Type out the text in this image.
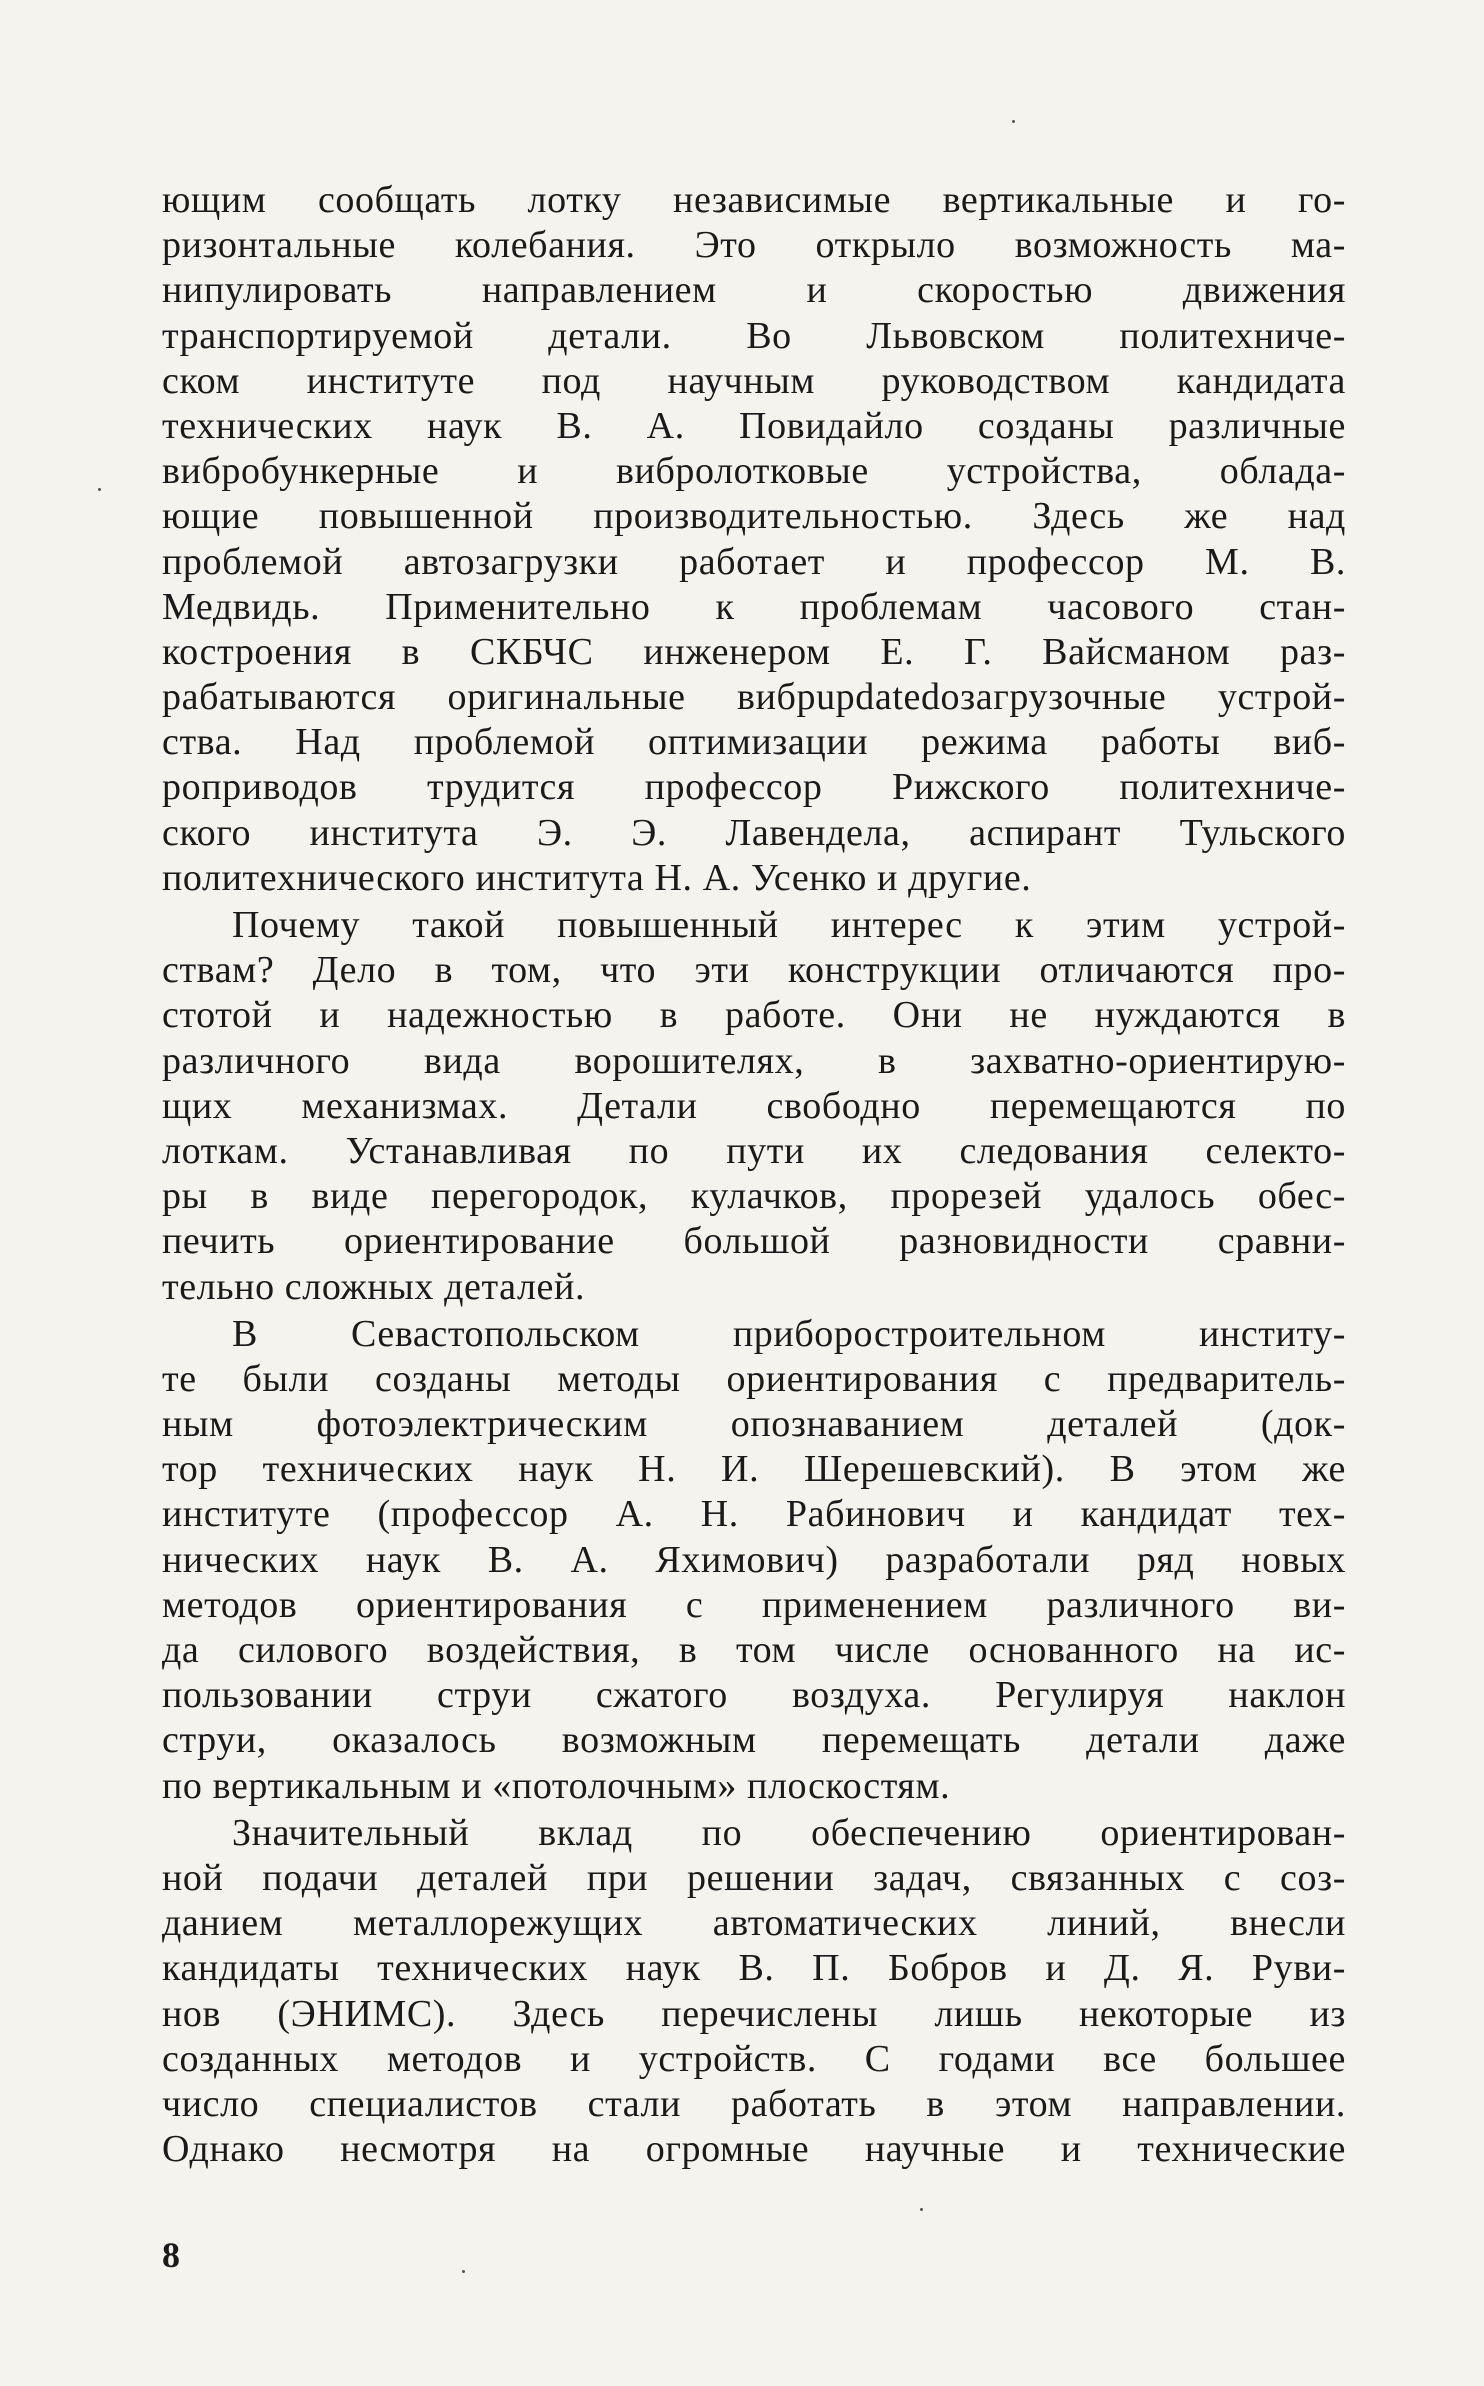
ющим сообщать лотку независимые вертикальные и го-
ризонтальные колебания. Это открыло возможность ма-
нипулировать направлением и скоростью движения
транспортируемой детали. Во Львовском политехниче-
ском институте под научным руководством кандидата
технических наук В. А. Повидайло созданы различные
вибробункерные и вибролотковые устройства, облада-
ющие повышенной производительностью. Здесь же над
проблемой автозагрузки работает и профессор М. В.
Медвидь. Применительно к проблемам часового стан-
костроения в СКБЧС инженером Е. Г. Вайсманом раз-
рабатываются оригинальные вибрupdatedозагрузочные устрой-
ства. Над проблемой оптимизации режима работы виб-
роприводов трудится профессор Рижского политехниче-
ского института Э. Э. Лавендела, аспирант Тульского
политехнического института Н. А. Усенко и другие.
Почему такой повышенный интерес к этим устрой-
ствам? Дело в том, что эти конструкции отличаются про-
стотой и надежностью в работе. Они не нуждаются в
различного вида ворошителях, в захватно-ориентирую-
щих механизмах. Детали свободно перемещаются по
лоткам. Устанавливая по пути их следования селекто-
ры в виде перегородок, кулачков, прорезей удалось обес-
печить ориентирование большой разновидности сравни-
тельно сложных деталей.
В Севастопольском приборостроительном институ-
те были созданы методы ориентирования с предваритель-
ным фотоэлектрическим опознаванием деталей (док-
тор технических наук Н. И. Шерешевский). В этом же
институте (профессор А. Н. Рабинович и кандидат тех-
нических наук В. А. Яхимович) разработали ряд новых
методов ориентирования с применением различного ви-
да силового воздействия, в том числе основанного на ис-
пользовании струи сжатого воздуха. Регулируя наклон
струи, оказалось возможным перемещать детали даже
по вертикальным и «потолочным» плоскостям.
Значительный вклад по обеспечению ориентирован-
ной подачи деталей при решении задач, связанных с соз-
данием металлорежущих автоматических линий, внесли
кандидаты технических наук В. П. Бобров и Д. Я. Руви-
нов (ЭНИМС). Здесь перечислены лишь некоторые из
созданных методов и устройств. С годами все большее
число специалистов стали работать в этом направлении.
Однако несмотря на огромные научные и технические
8
